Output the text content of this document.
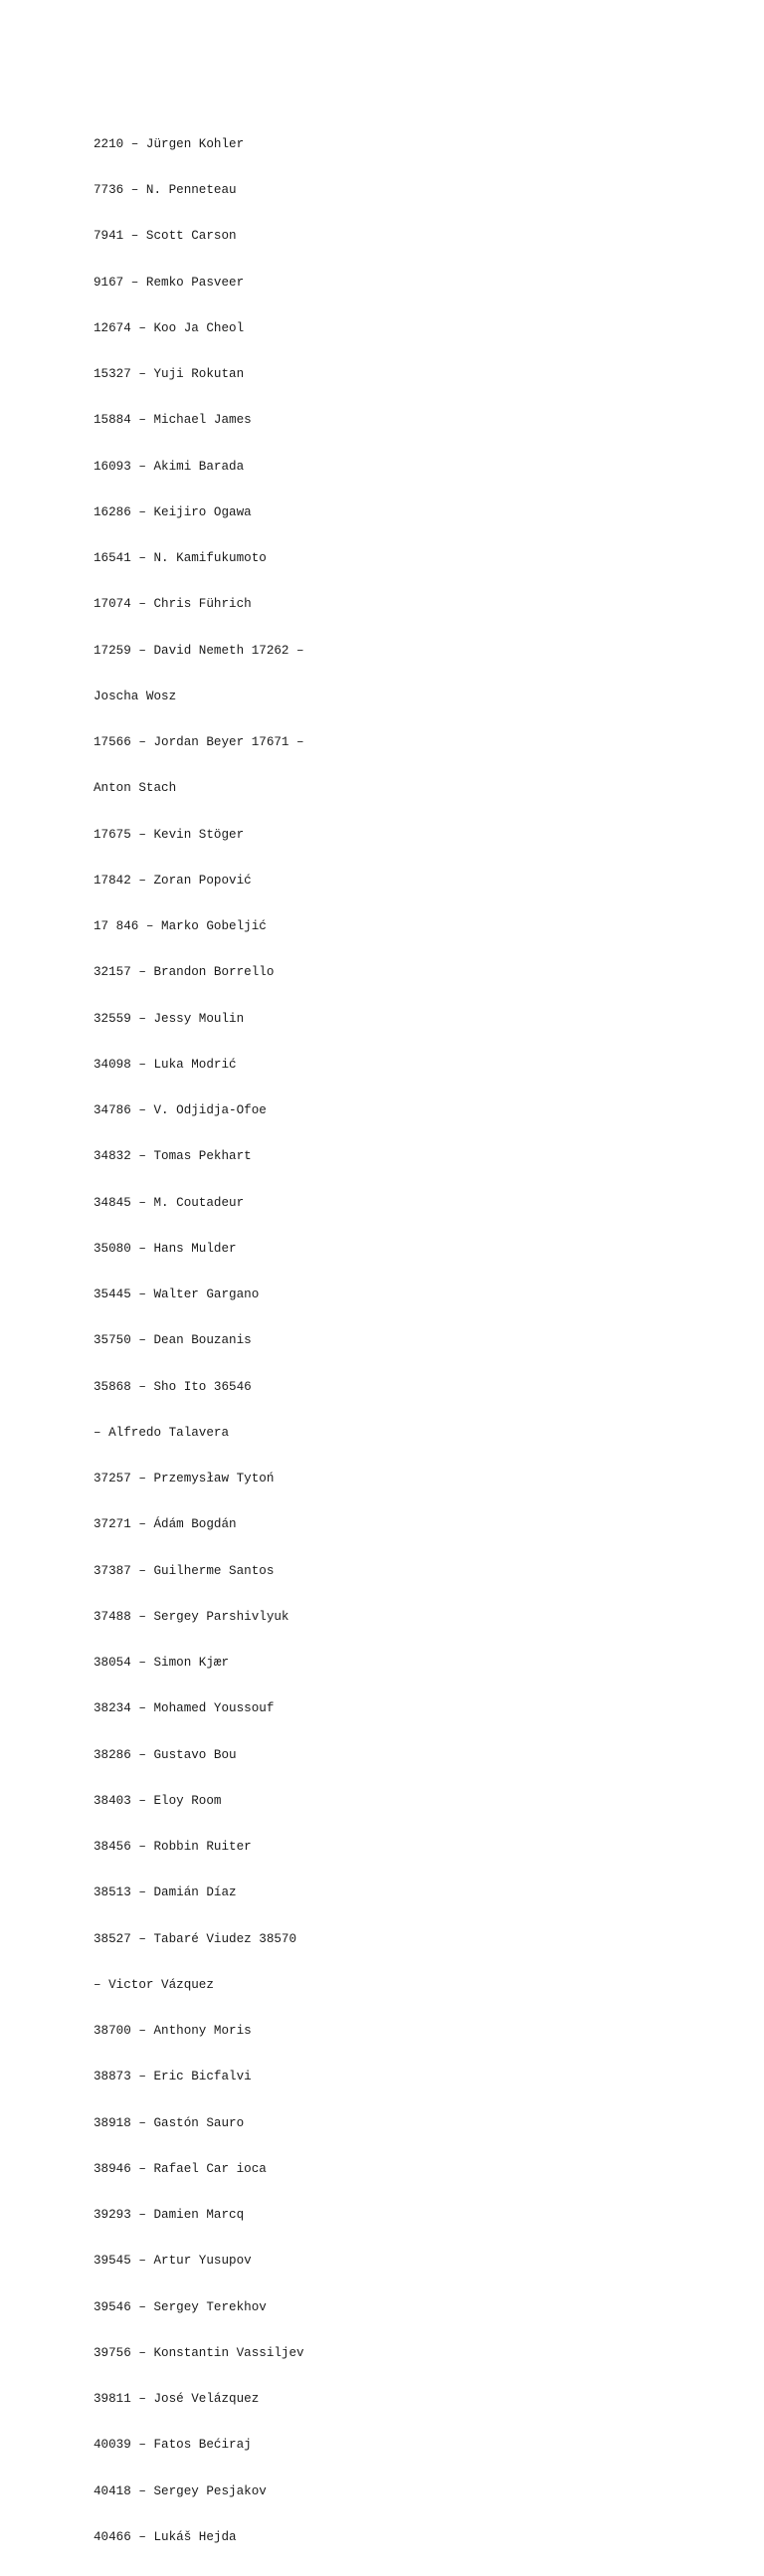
2210 – Jürgen Kohler

7736 – N. Penneteau

7941 – Scott Carson

9167 – Remko Pasveer

12674 – Koo Ja Cheol

15327 – Yuji Rokutan

15884 – Michael James

16093 – Akimi Barada

16286 – Keijiro Ogawa

16541 – N. Kamifukumoto

17074 – Chris Führich

17259 – David Nemeth 17262 –

Joscha Wosz

17566 – Jordan Beyer 17671 –

Anton Stach

17675 – Kevin Stöger

17842 – Zoran Popović

17 846 – Marko Gobeljić

32157 – Brandon Borrello

32559 – Jessy Moulin

34098 – Luka Modrić

34786 – V. Odjidja-Ofoe

34832 – Tomas Pekhart

34845 – M. Coutadeur

35080 – Hans Mulder

35445 – Walter Gargano

35750 – Dean Bouzanis

35868 – Sho Ito 36546

– Alfredo Talavera

37257 – Przemysław Tytoń

37271 – Ádám Bogdán

37387 – Guilherme Santos

37488 – Sergey Parshivlyuk

38054 – Simon Kjær

38234 – Mohamed Youssouf

38286 – Gustavo Bou

38403 – Eloy Room

38456 – Robbin Ruiter

38513 – Damián Díaz

38527 – Tabaré Viudez 38570

– Victor Vázquez

38700 – Anthony Moris

38873 – Eric Bicfalvi

38918 – Gastón Sauro

38946 – Rafael Car ioca

39293 – Damien Marcq

39545 – Artur Yusupov

39546 – Sergey Terekhov

39756 – Konstantin Vassiljev

39811 – José Velázquez

40039 – Fatos Bećiraj

40418 – Sergey Pesjakov

40466 – Lukáš Hejda
